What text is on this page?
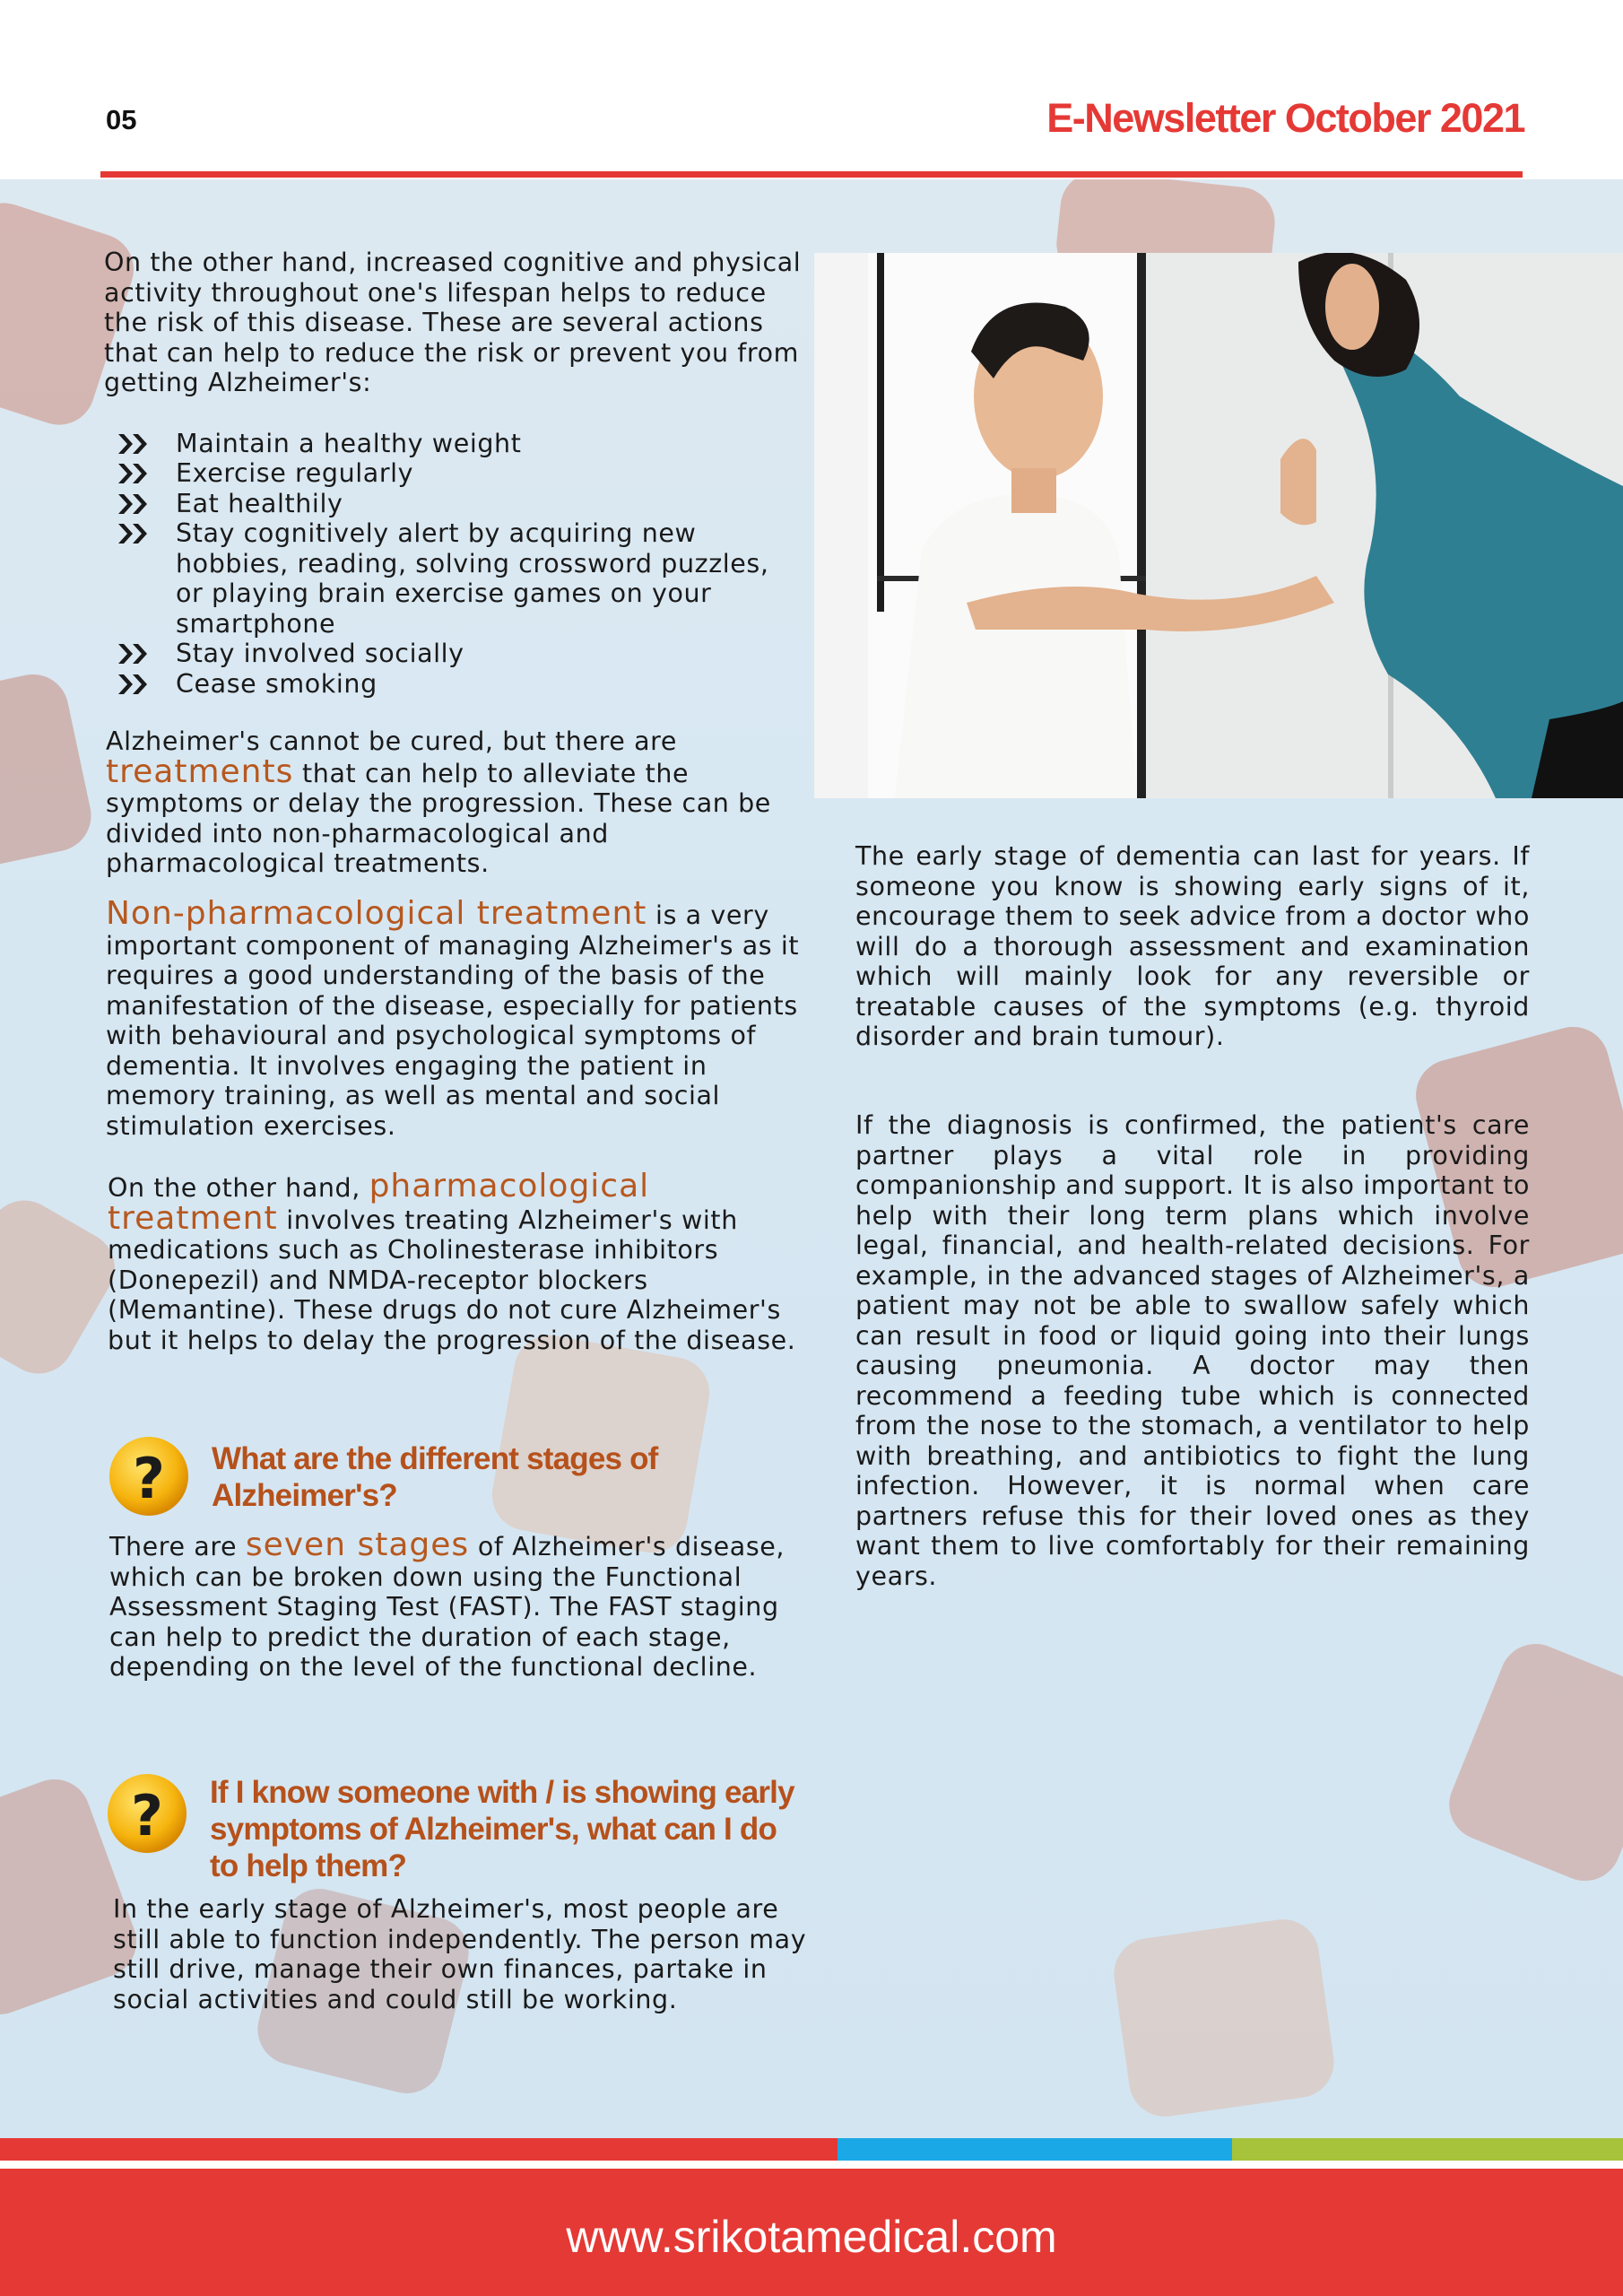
05	E-Newsletter October 2021

On the other hand, increased cognitive and physical activity throughout one's lifespan helps to reduce the risk of this disease. These are several actions that can help to reduce the risk or prevent you from getting Alzheimer's:

Maintain a healthy weight
Exercise regularly
Eat healthily
Stay cognitively alert by acquiring new hobbies, reading, solving crossword puzzles, or playing brain exercise games on your smartphone
Stay involved socially
Cease smoking

Alzheimer's cannot be cured, but there are treatments that can help to alleviate the symptoms or delay the progression. These can be divided into non-pharmacological and pharmacological treatments.

Non-pharmacological treatment is a very important component of managing Alzheimer's as it requires a good understanding of the basis of the manifestation of the disease, especially for patients with behavioural and psychological symptoms of dementia. It involves engaging the patient in memory training, as well as mental and social stimulation exercises.

On the other hand, pharmacological treatment involves treating Alzheimer's with medications such as Cholinesterase inhibitors (Donepezil) and NMDA-receptor blockers (Memantine). These drugs do not cure Alzheimer's but it helps to delay the progression of the disease.

? What are the different stages of Alzheimer's?

There are seven stages of Alzheimer's disease, which can be broken down using the Functional Assessment Staging Test (FAST). The FAST staging can help to predict the duration of each stage, depending on the level of the functional decline.

? If I know someone with / is showing early symptoms of Alzheimer's, what can I do to help them?

In the early stage of Alzheimer's, most people are still able to function independently. The person may still drive, manage their own finances, partake in social activities and could still be working.

The early stage of dementia can last for years. If someone you know is showing early signs of it, encourage them to seek advice from a doctor who will do a thorough assessment and examination which will mainly look for any reversible or treatable causes of the symptoms (e.g. thyroid disorder and brain tumour).

If the diagnosis is confirmed, the patient's care partner plays a vital role in providing companionship and support. It is also important to help with their long term plans which involve legal, financial, and health-related decisions. For example, in the advanced stages of Alzheimer's, a patient may not be able to swallow safely which can result in food or liquid going into their lungs causing pneumonia. A doctor may then recommend a feeding tube which is connected from the nose to the stomach, a ventilator to help with breathing, and antibiotics to fight the lung infection. However, it is normal when care partners refuse this for their loved ones as they want them to live comfortably for their remaining years.

www.srikotamedical.com
